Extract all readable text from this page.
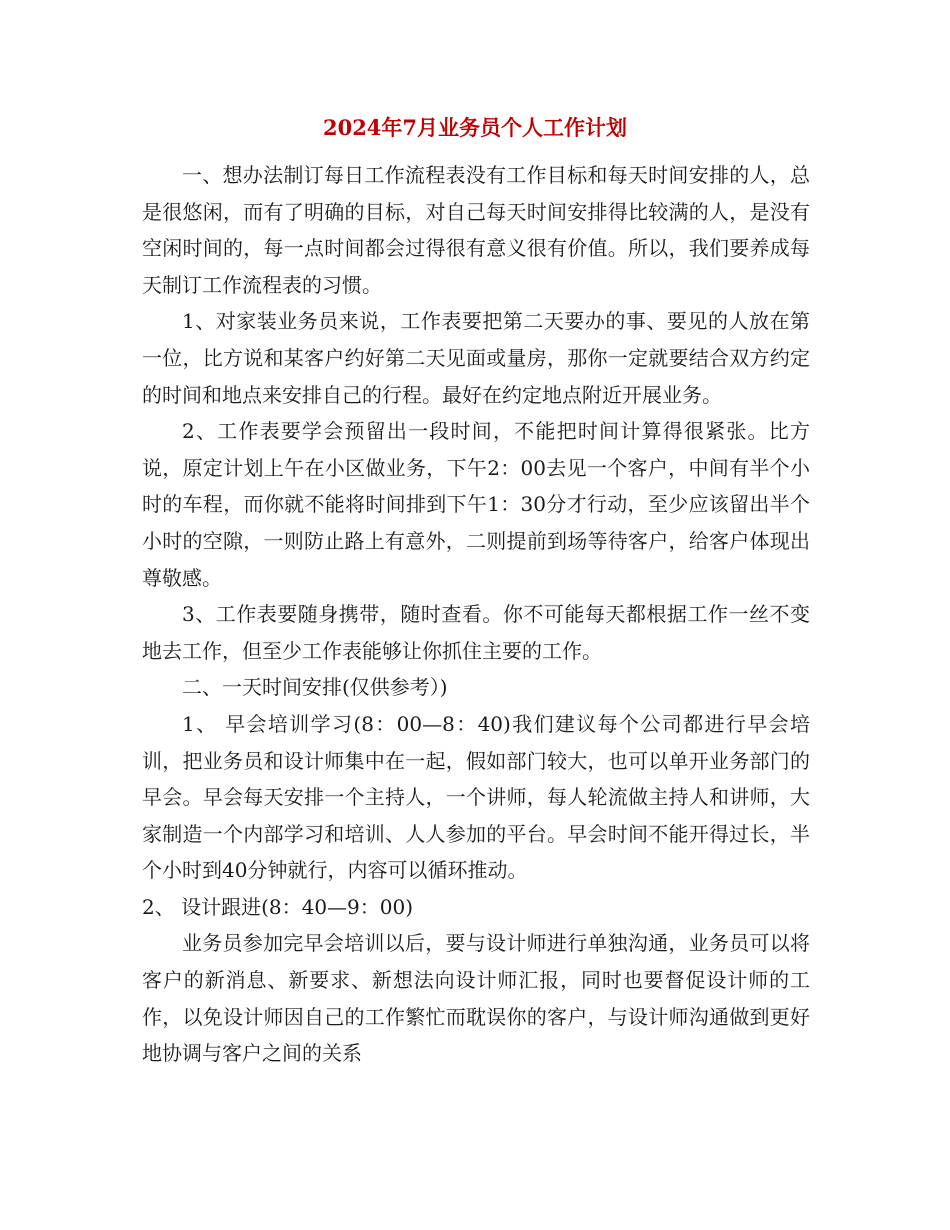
2024年7月业务员个人工作计划

一、想办法制订每日工作流程表没有工作目标和每天时间安排的人，总是很悠闲，而有了明确的目标，对自己每天时间安排得比较满的人，是没有空闲时间的，每一点时间都会过得很有意义很有价值。所以，我们要养成每天制订工作流程表的习惯。

1、对家装业务员来说，工作表要把第二天要办的事、要见的人放在第一位，比方说和某客户约好第二天见面或量房，那你一定就要结合双方约定的时间和地点来安排自己的行程。最好在约定地点附近开展业务。

2、工作表要学会预留出一段时间，不能把时间计算得很紧张。比方说，原定计划上午在小区做业务，下午2：00去见一个客户，中间有半个小时的车程，而你就不能将时间排到下午1：30分才行动，至少应该留出半个小时的空隙，一则防止路上有意外，二则提前到场等待客户，给客户体现出尊敬感。

3、工作表要随身携带，随时查看。你不可能每天都根据工作一丝不变地去工作，但至少工作表能够让你抓住主要的工作。

二、一天时间安排(仅供参考）)

1、 早会培训学习(8：00—8：40)我们建议每个公司都进行早会培训，把业务员和设计师集中在一起，假如部门较大，也可以单开业务部门的早会。早会每天安排一个主持人，一个讲师，每人轮流做主持人和讲师，大家制造一个内部学习和培训、人人参加的平台。早会时间不能开得过长，半个小时到40分钟就行，内容可以循环推动。

2、 设计跟进(8：40—9：00)

业务员参加完早会培训以后，要与设计师进行单独沟通，业务员可以将客户的新消息、新要求、新想法向设计师汇报，同时也要督促设计师的工作，以免设计师因自己的工作繁忙而耽误你的客户，与设计师沟通做到更好地协调与客户之间的关系
